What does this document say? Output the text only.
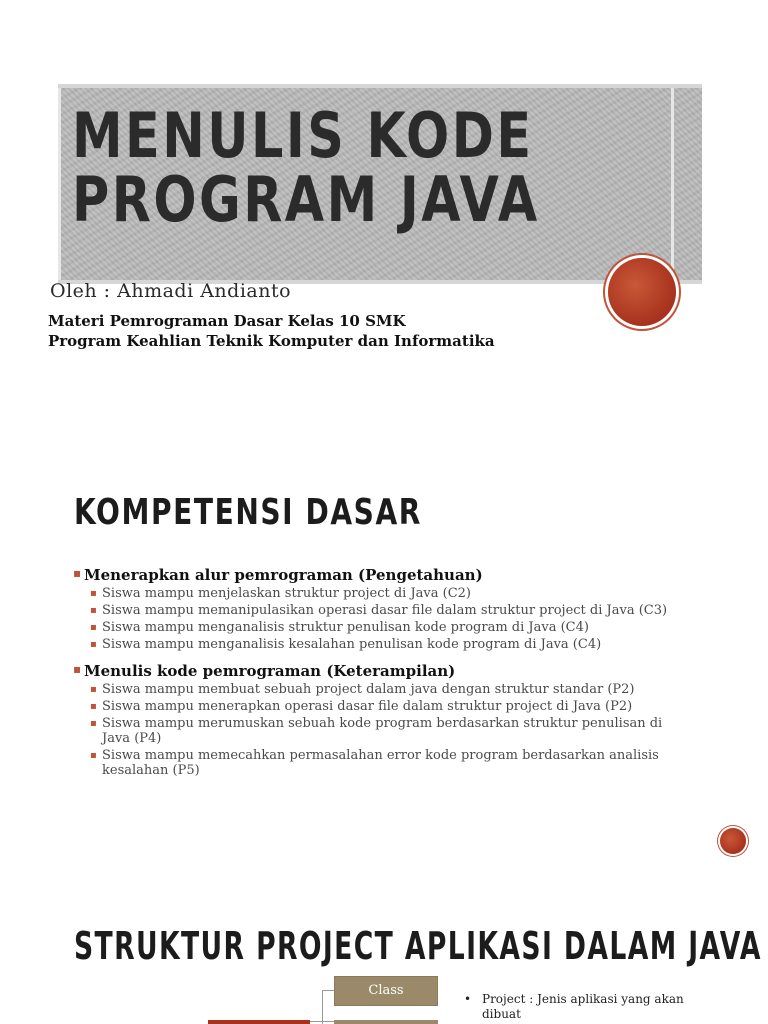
MENULIS KODE PROGRAM JAVA
Oleh : Ahmadi Andianto
Materi Pemrograman Dasar Kelas 10 SMK
Program Keahlian Teknik Komputer dan Informatika
KOMPETENSI DASAR
▪ Menerapkan alur pemrograman (Pengetahuan)
▪ Siswa mampu menjelaskan struktur project di Java (C2)
▪ Siswa mampu memanipulasikan operasi dasar file dalam struktur project di Java (C3)
▪ Siswa mampu menganalisis struktur penulisan kode program di Java (C4)
▪ Siswa mampu menganalisis kesalahan penulisan kode program di Java (C4)
▪ Menulis kode pemrograman (Keterampilan)
▪ Siswa mampu membuat sebuah project dalam java dengan struktur standar (P2)
▪ Siswa mampu menerapkan operasi dasar file dalam struktur project di Java (P2)
▪ Siswa mampu merumuskan sebuah kode program berdasarkan struktur penulisan di Java (P4)
▪ Siswa mampu memecahkan permasalahan error kode program berdasarkan analisis kesalahan (P5)
STRUKTUR PROJECT APLIKASI DALAM JAVA
Class
• Project : Jenis aplikasi yang akan dibuat
